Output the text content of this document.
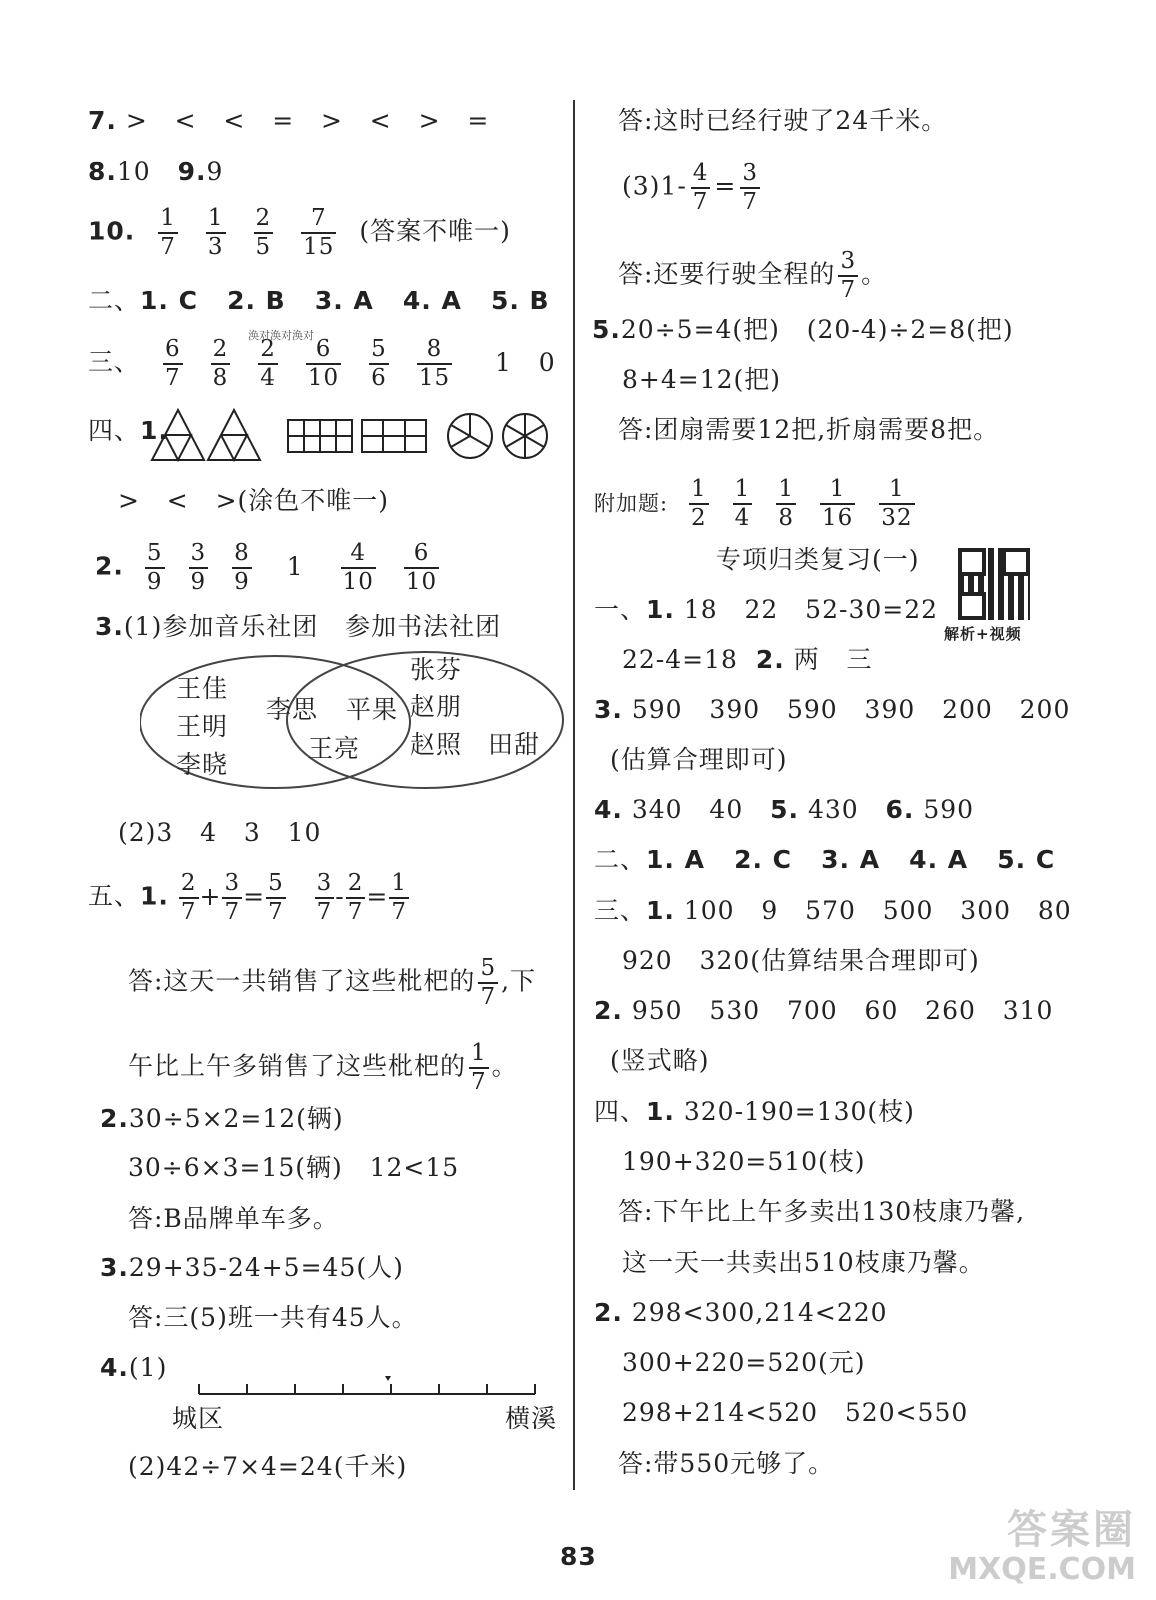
7. >   <   <   =   >   <   >   =
8.10 9.9
10. $\frac{1}{7} \frac{1}{3} \frac{2}{5} \frac{7}{15}$ (答案不唯一)
二、1. C   2. B   3. A   4. A   5. B
三、 $\frac{6}{7} \frac{2}{8} \frac{2}{4} \frac{6}{10} \frac{5}{6} \frac{8}{15} 1$   0
涣对涣对涣对
四、1.
>   <   >(涂色不唯一)
2. $\frac{5}{9} \frac{3}{9} \frac{8}{9} 1 \frac{4}{10} \frac{6}{10}$
3.(1)参加音乐社团   参加书法社团
王佳
王明
李晓
李思 平果
王亮
张芬
赵朋
赵照 田甜
(2)3   4   3   10
五、1. $\frac{2}{7} + \frac{3}{7} = \frac{5}{7}$
$\frac{3}{7} - \frac{2}{7} = \frac{1}{7}$
答:这天一共销售了这些枇杷的 $\frac{5}{7}$ ,下
午比上午多销售了这些枇杷的 $\frac{1}{7}$ 。
2.30÷5×2=12(辆)
30÷6×3=15(辆)   12<15
答:B品牌单车多。
3.29+35-24+5=45(人)
答:三(5)班一共有45人。
4.(1)
城区	横溪
(2)42÷7×4=24(千米)
答:这时已经行驶了24千米。
$(3)1- \frac{4}{7} = \frac{3}{7}$
答:还要行驶全程的 $\frac{3}{7}$ 。
5.20÷5=4(把)   (20-4)÷2=8(把)
8+4=12(把)
答:团扇需要12把,折扇需要8把。
附加题: $\frac{1}{2} \frac{1}{4} \frac{1}{8} \frac{1}{16} \frac{1}{32}$
专项归类复习(一)
解析+视频
一、1. 18   22   52-30=22
22-4=18 2. 两   三
3. 590   390   590   390   200   200
(估算合理即可)
4. 340   40 5. 430 6. 590
二、1. A   2. C   3. A   4. A   5. C
三、1. 100   9   570   500   300   80
920   320(估算结果合理即可)
2. 950   530   700   60   260   310
(竖式略)
四、1. 320-190=130(枝)
190+320=510(枝)
答:下午比上午多卖出130枝康乃馨,
这一天一共卖出510枝康乃馨。
2. 298<300,214<220
300+220=520(元)
298+214<520   520<550
答:带550元够了。
83
答案圈
MXQE.COM
